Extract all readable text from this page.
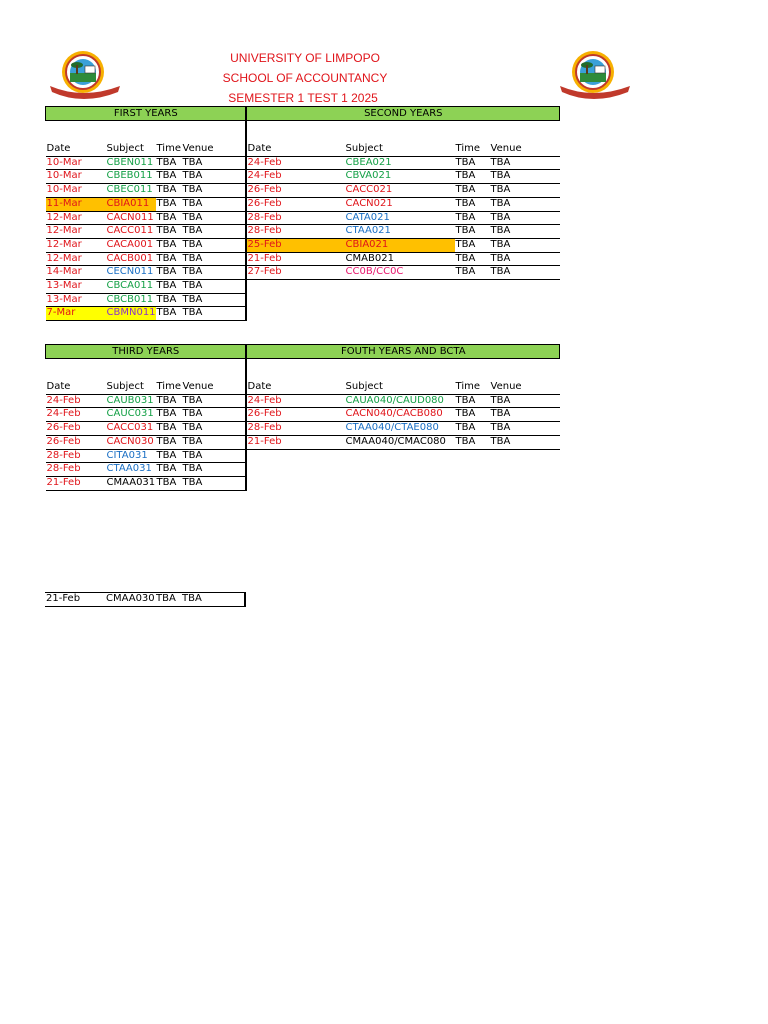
UNIVERSITY OF LIMPOPO
SCHOOL OF ACCOUNTANCY
SEMESTER 1 TEST 1 2025
FIRST YEARS				SECOND YEARS			

Date	Subject	Time	Venue	Date	Subject	Time	Venue
10-Mar	CBEN011	TBA	TBA	24-Feb	CBEA021	TBA	TBA
10-Mar	CBEB011	TBA	TBA	24-Feb	CBVA021	TBA	TBA
10-Mar	CBEC011	TBA	TBA	26-Feb	CACC021	TBA	TBA
11-Mar	CBIA011	TBA	TBA	26-Feb	CACN021	TBA	TBA
12-Mar	CACN011	TBA	TBA	28-Feb	CATA021	TBA	TBA
12-Mar	CACC011	TBA	TBA	28-Feb	CTAA021	TBA	TBA
12-Mar	CACA001	TBA	TBA	25-Feb	CBIA021	TBA	TBA
12-Mar	CACB001	TBA	TBA	21-Feb	CMAB021	TBA	TBA
14-Mar	CECN011	TBA	TBA	27-Feb	CC0B/CC0C	TBA	TBA
13-Mar	CBCA011	TBA	TBA				
13-Mar	CBCB011	TBA	TBA				
7-Mar	CBMN011	TBA	TBA				
THIRD YEARS				FOUTH YEARS AND BCTA			

Date	Subject	Time	Venue	Date	Subject	Time	Venue
24-Feb	CAUB031	TBA	TBA	24-Feb	CAUA040/CAUD080	TBA	TBA
24-Feb	CAUC031	TBA	TBA	26-Feb	CACN040/CACB080	TBA	TBA
26-Feb	CACC031	TBA	TBA	28-Feb	CTAA040/CTAE080	TBA	TBA
26-Feb	CACN030	TBA	TBA	21-Feb	CMAA040/CMAC080	TBA	TBA
28-Feb	CITA031	TBA	TBA				
28-Feb	CTAA031	TBA	TBA				
21-Feb	CMAA031	TBA	TBA				
21-Feb	CMAA030	TBA	TBA
